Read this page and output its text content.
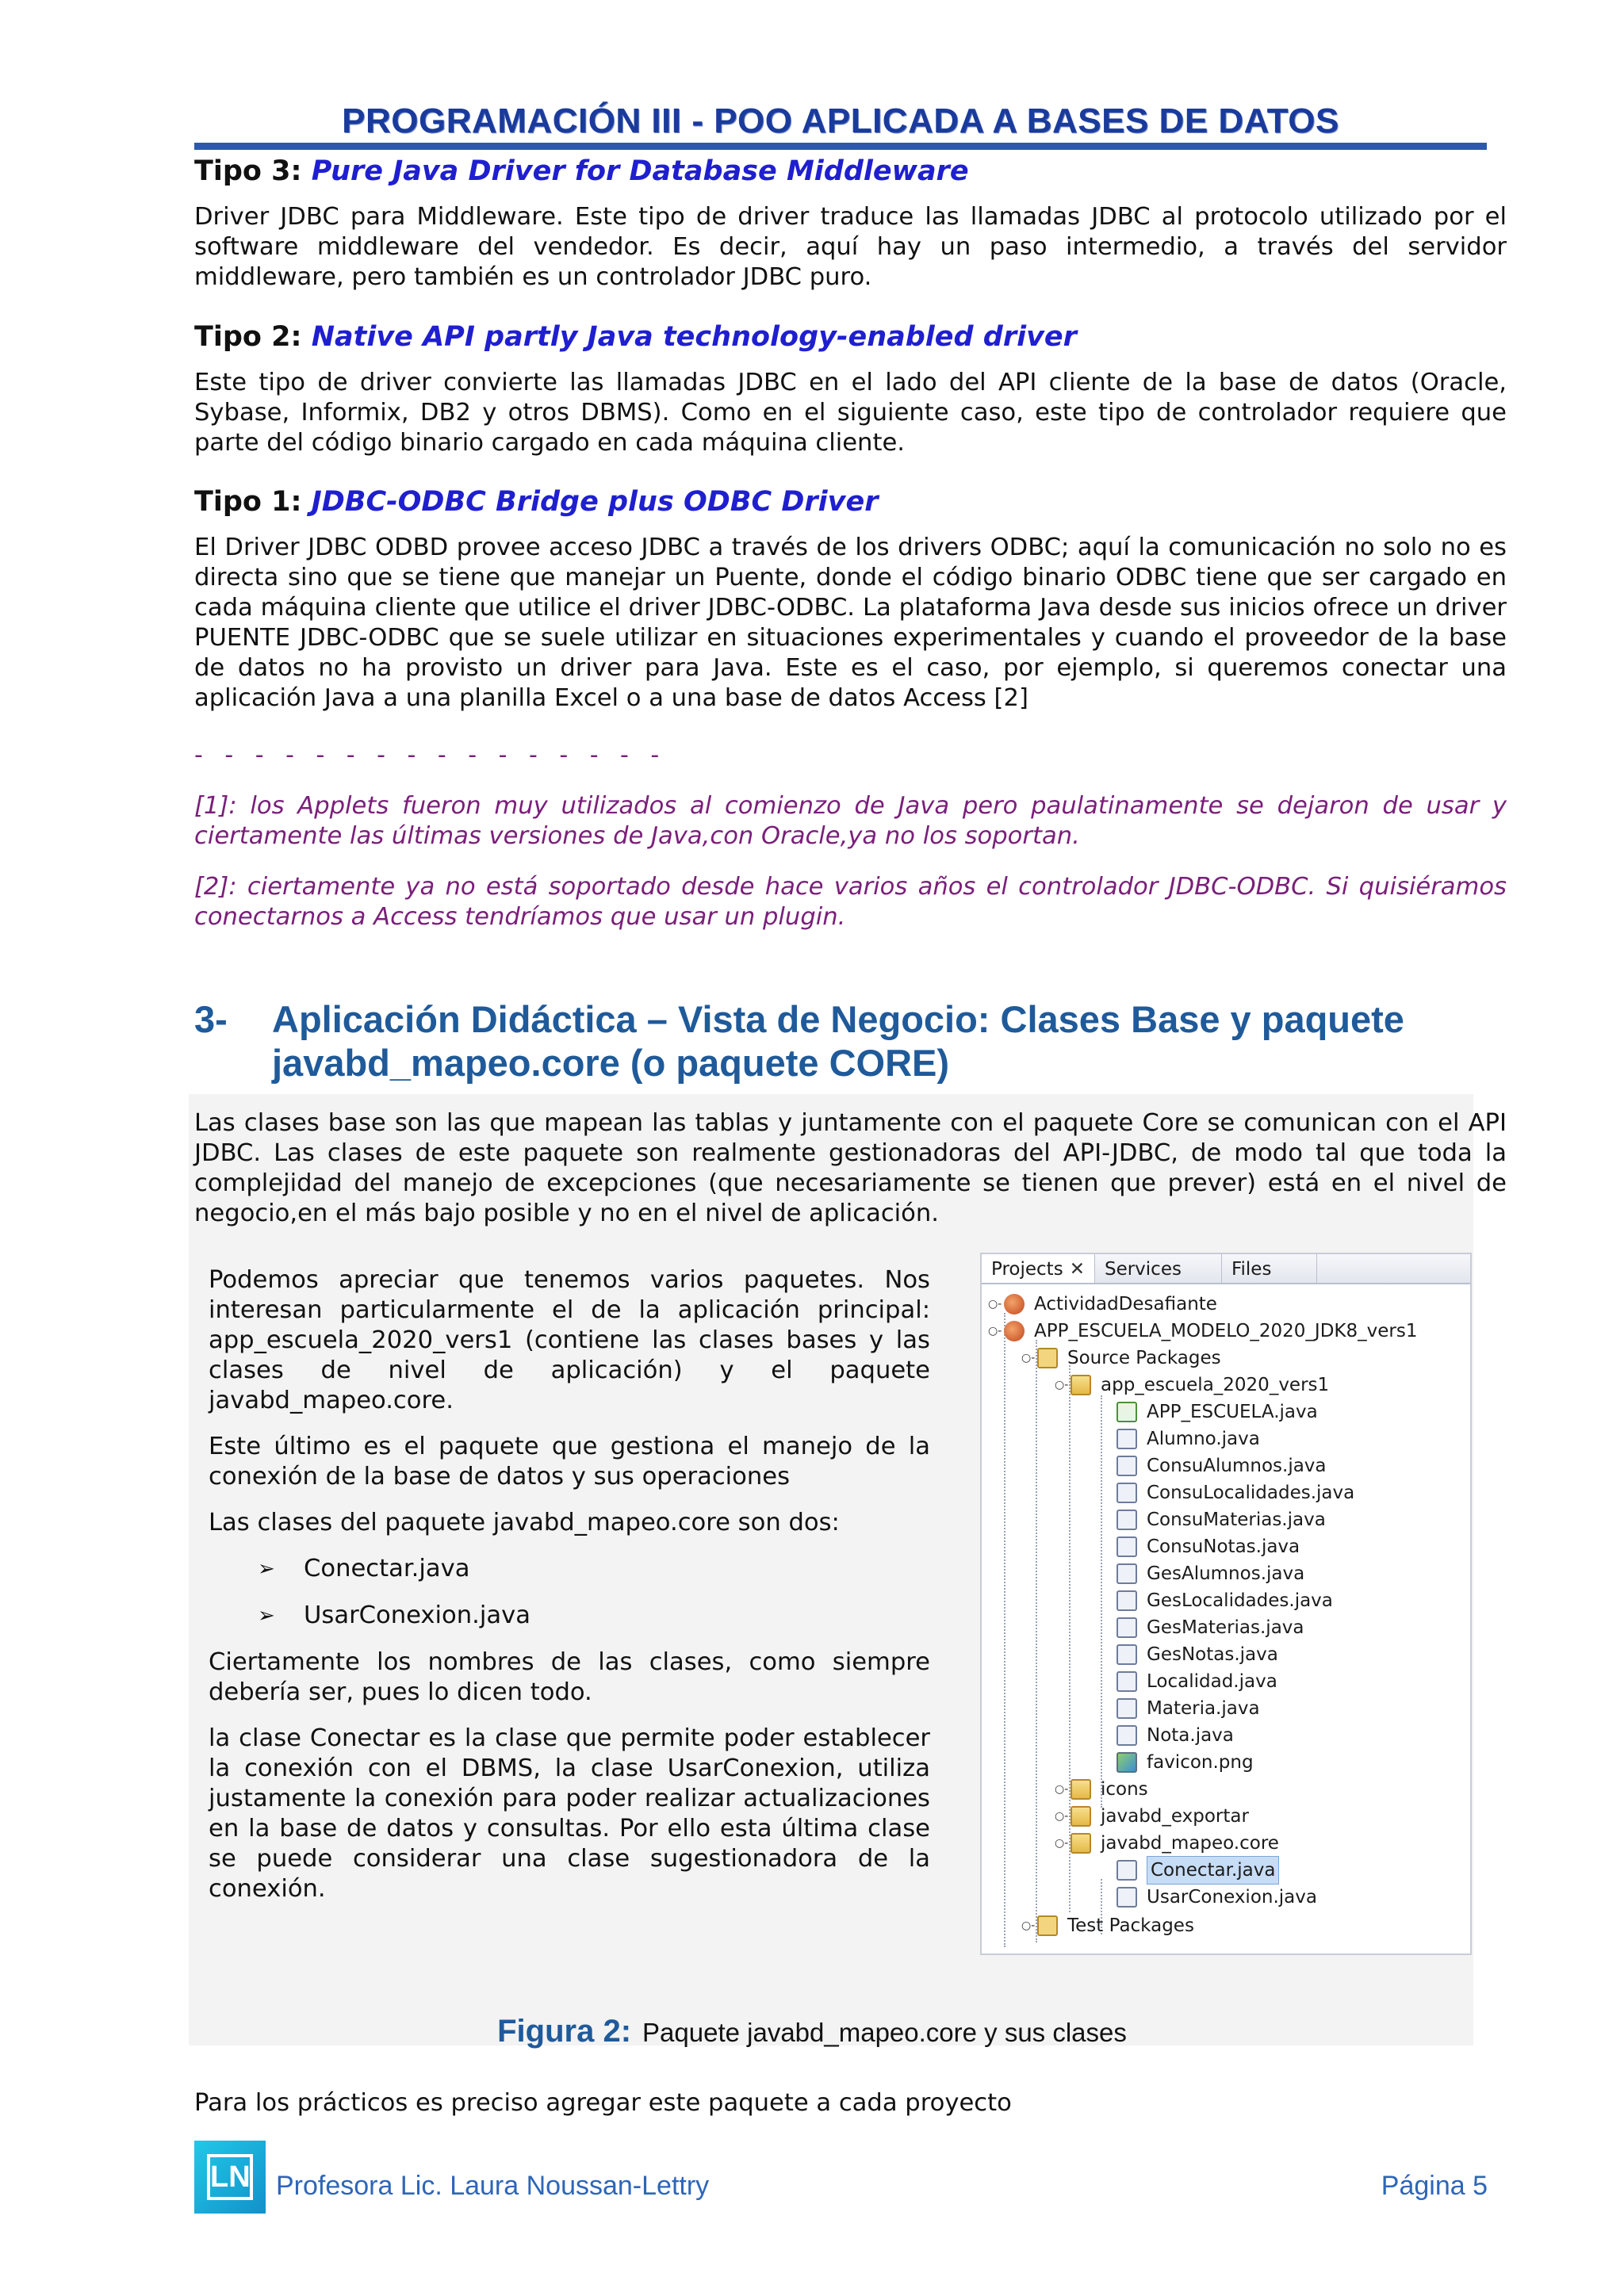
PROGRAMACIÓN III - POO APLICADA A BASES DE DATOS
Tipo 3: Pure Java Driver for Database Middleware

Driver JDBC para Middleware. Este tipo de driver traduce las llamadas JDBC al protocolo utilizado por el software middleware del vendedor. Es decir, aquí hay un paso intermedio, a través del servidor middleware, pero también es un controlador JDBC puro.

Tipo 2: Native API partly Java technology-enabled driver

Este tipo de driver convierte las llamadas JDBC en el lado del API cliente de la base de datos (Oracle, Sybase, Informix, DB2 y otros DBMS). Como en el siguiente caso, este tipo de controlador requiere que parte del código binario cargado en cada máquina cliente.

Tipo 1: JDBC-ODBC Bridge plus ODBC Driver

El Driver JDBC ODBD provee acceso JDBC a través de los drivers ODBC; aquí la comunicación no solo no es directa sino que se tiene que manejar un Puente, donde el código binario ODBC tiene que ser cargado en cada máquina cliente que utilice el driver JDBC-ODBC. La plataforma Java desde sus inicios ofrece un driver PUENTE JDBC-ODBC que se suele utilizar en situaciones experimentales y cuando el proveedor de la base de datos no ha provisto un driver para Java. Este es el caso, por ejemplo, si queremos conectar una aplicación Java a una planilla Excel o a una base de datos Access [2]

- - - - - - - - - - - - - - - -

[1]: los Applets fueron muy utilizados al comienzo de Java pero paulatinamente se dejaron de usar y ciertamente las últimas versiones de Java,con Oracle,ya no los soportan.

[2]: ciertamente ya no está soportado desde hace varios años el controlador JDBC-ODBC. Si quisiéramos conectarnos a Access tendríamos que usar un plugin.

3- Aplicación Didáctica – Vista de Negocio: Clases Base y paquete
javabd_mapeo.core (o paquete CORE)

Las clases base son las que mapean las tablas y juntamente con el paquete Core se comunican con el API JDBC. Las clases de este paquete son realmente gestionadoras del API-JDBC, de modo tal que toda la complejidad del manejo de excepciones (que necesariamente se tienen que prever) está en el nivel de negocio,en el más bajo posible y no en el nivel de aplicación.

Podemos apreciar que tenemos varios paquetes. Nos interesan particularmente el de la aplicación principal: app_escuela_2020_vers1 (contiene las clases bases y las clases de nivel de aplicación) y el paquete javabd_mapeo.core.

Este último es el paquete que gestiona el manejo de la conexión de la base de datos y sus operaciones

Las clases del paquete javabd_mapeo.core son dos:

➢	Conectar.java
➢	UsarConexion.java

Ciertamente los nombres de las clases, como siempre debería ser, pues lo dicen todo.

la clase Conectar es la clase que permite poder establecer la conexión con el DBMS, la clase UsarConexion, utiliza justamente la conexión para poder realizar actualizaciones en la base de datos y consultas. Por ello esta última clase se puede considerar una clase sugestionadora de la conexión.

Projects ✕	Services	Files
○- ActividadDesafiante
○- APP_ESCUELA_MODELO_2020_JDK8_vers1
○- Source Packages
○- app_escuela_2020_vers1
APP_ESCUELA.java
Alumno.java
ConsuAlumnos.java
ConsuLocalidades.java
ConsuMaterias.java
ConsuNotas.java
GesAlumnos.java
GesLocalidades.java
GesMaterias.java
GesNotas.java
Localidad.java
Materia.java
Nota.java
favicon.png
○- icons
○- javabd_exportar
○- javabd_mapeo.core
Conectar.java
UsarConexion.java
○- Test Packages
Figura 2: Paquete javabd_mapeo.core y sus clases

Para los prácticos es preciso agregar este paquete a cada proyecto

LN Profesora Lic. Laura Noussan-Lettry	Página 5
